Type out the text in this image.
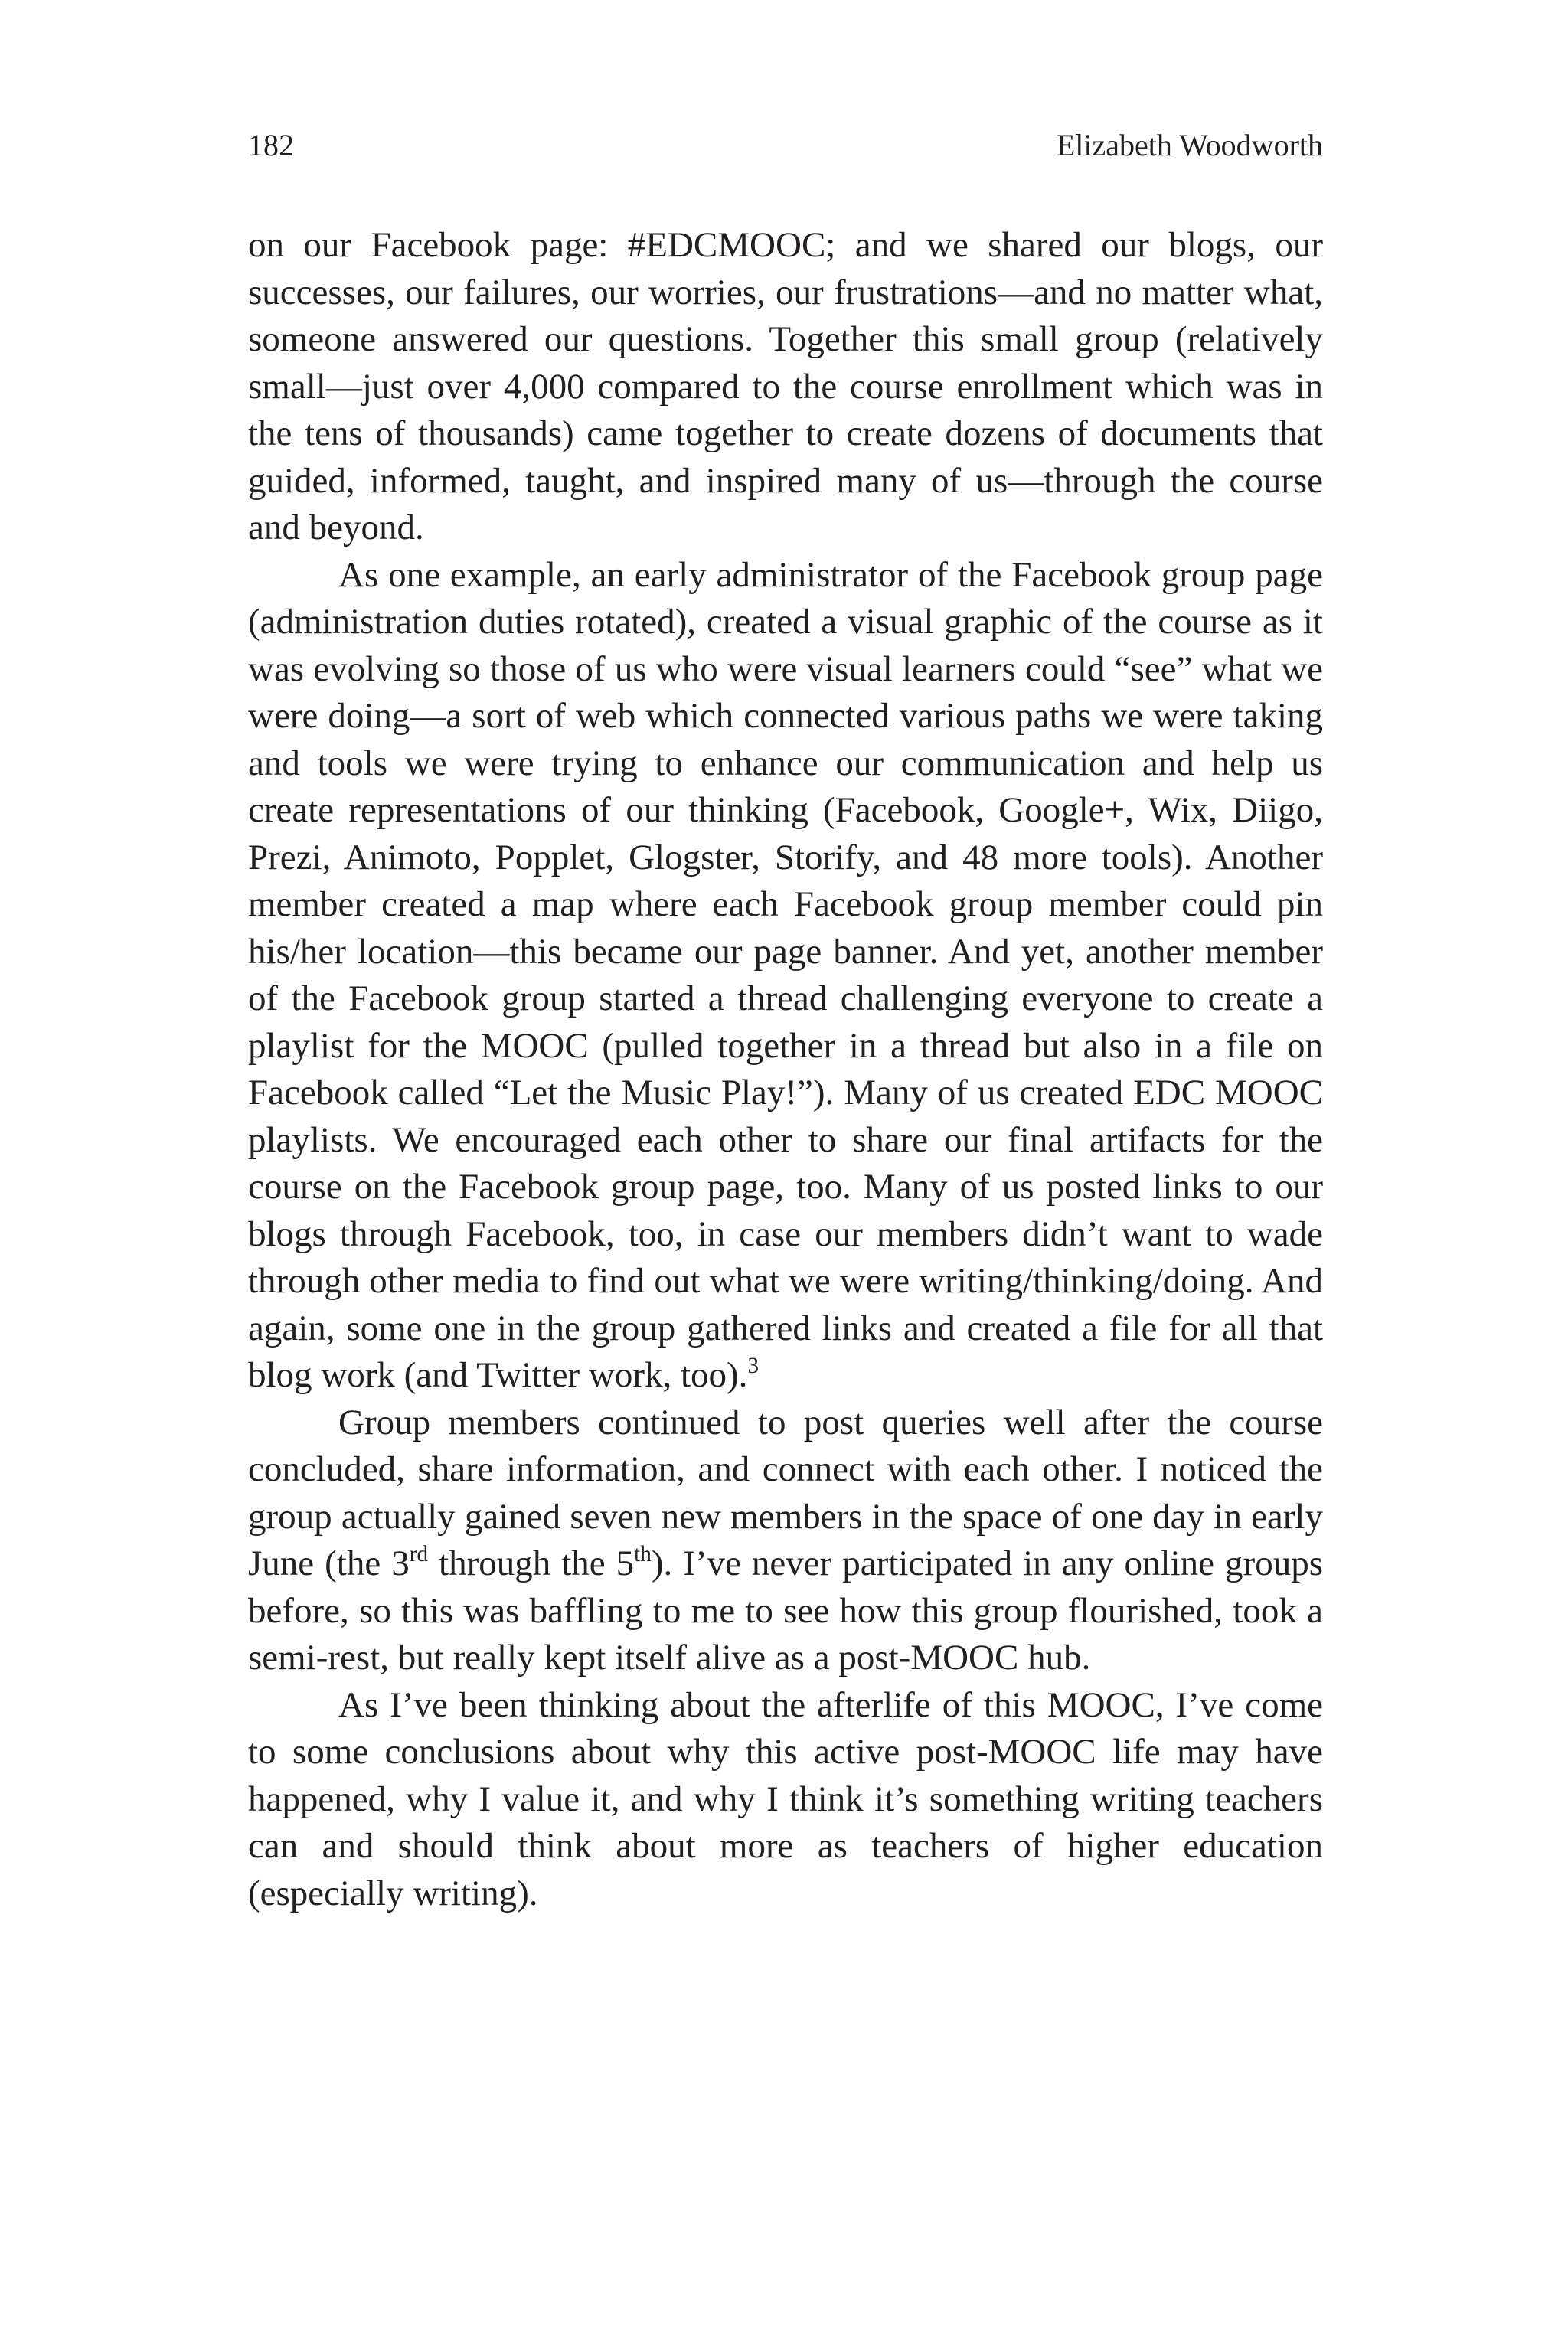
182	Elizabeth Woodworth

on our Facebook page: #EDCMOOC; and we shared our blogs, our successes, our failures, our worries, our frustrations—and no matter what, someone answered our questions. Together this small group (relatively small—just over 4,000 compared to the course enrollment which was in the tens of thousands) came together to create dozens of documents that guided, informed, taught, and inspired many of us—through the course and beyond.

As one example, an early administrator of the Facebook group page (administration duties rotated), created a visual graphic of the course as it was evolving so those of us who were visual learners could “see” what we were doing—a sort of web which connected various paths we were taking and tools we were trying to enhance our communication and help us create representations of our thinking (Facebook, Google+, Wix, Diigo, Prezi, Animoto, Popplet, Glogster, Storify, and 48 more tools). Another member created a map where each Facebook group member could pin his/her location—this became our page banner. And yet, another member of the Facebook group started a thread challenging everyone to create a playlist for the MOOC (pulled together in a thread but also in a file on Facebook called “Let the Music Play!”). Many of us created EDC MOOC playlists. We encouraged each other to share our final artifacts for the course on the Facebook group page, too. Many of us posted links to our blogs through Facebook, too, in case our members didn’t want to wade through other media to find out what we were writing/thinking/doing. And again, some one in the group gathered links and created a file for all that blog work (and Twitter work, too).$^3$

Group members continued to post queries well after the course concluded, share information, and connect with each other. I noticed the group actually gained seven new members in the space of one day in early June (the 3rd through the 5th). I’ve never participated in any online groups before, so this was baffling to me to see how this group flourished, took a semi-rest, but really kept itself alive as a post-MOOC hub.

As I’ve been thinking about the afterlife of this MOOC, I’ve come to some conclusions about why this active post-MOOC life may have happened, why I value it, and why I think it’s something writing teachers can and should think about more as teachers of higher education (especially writing).
